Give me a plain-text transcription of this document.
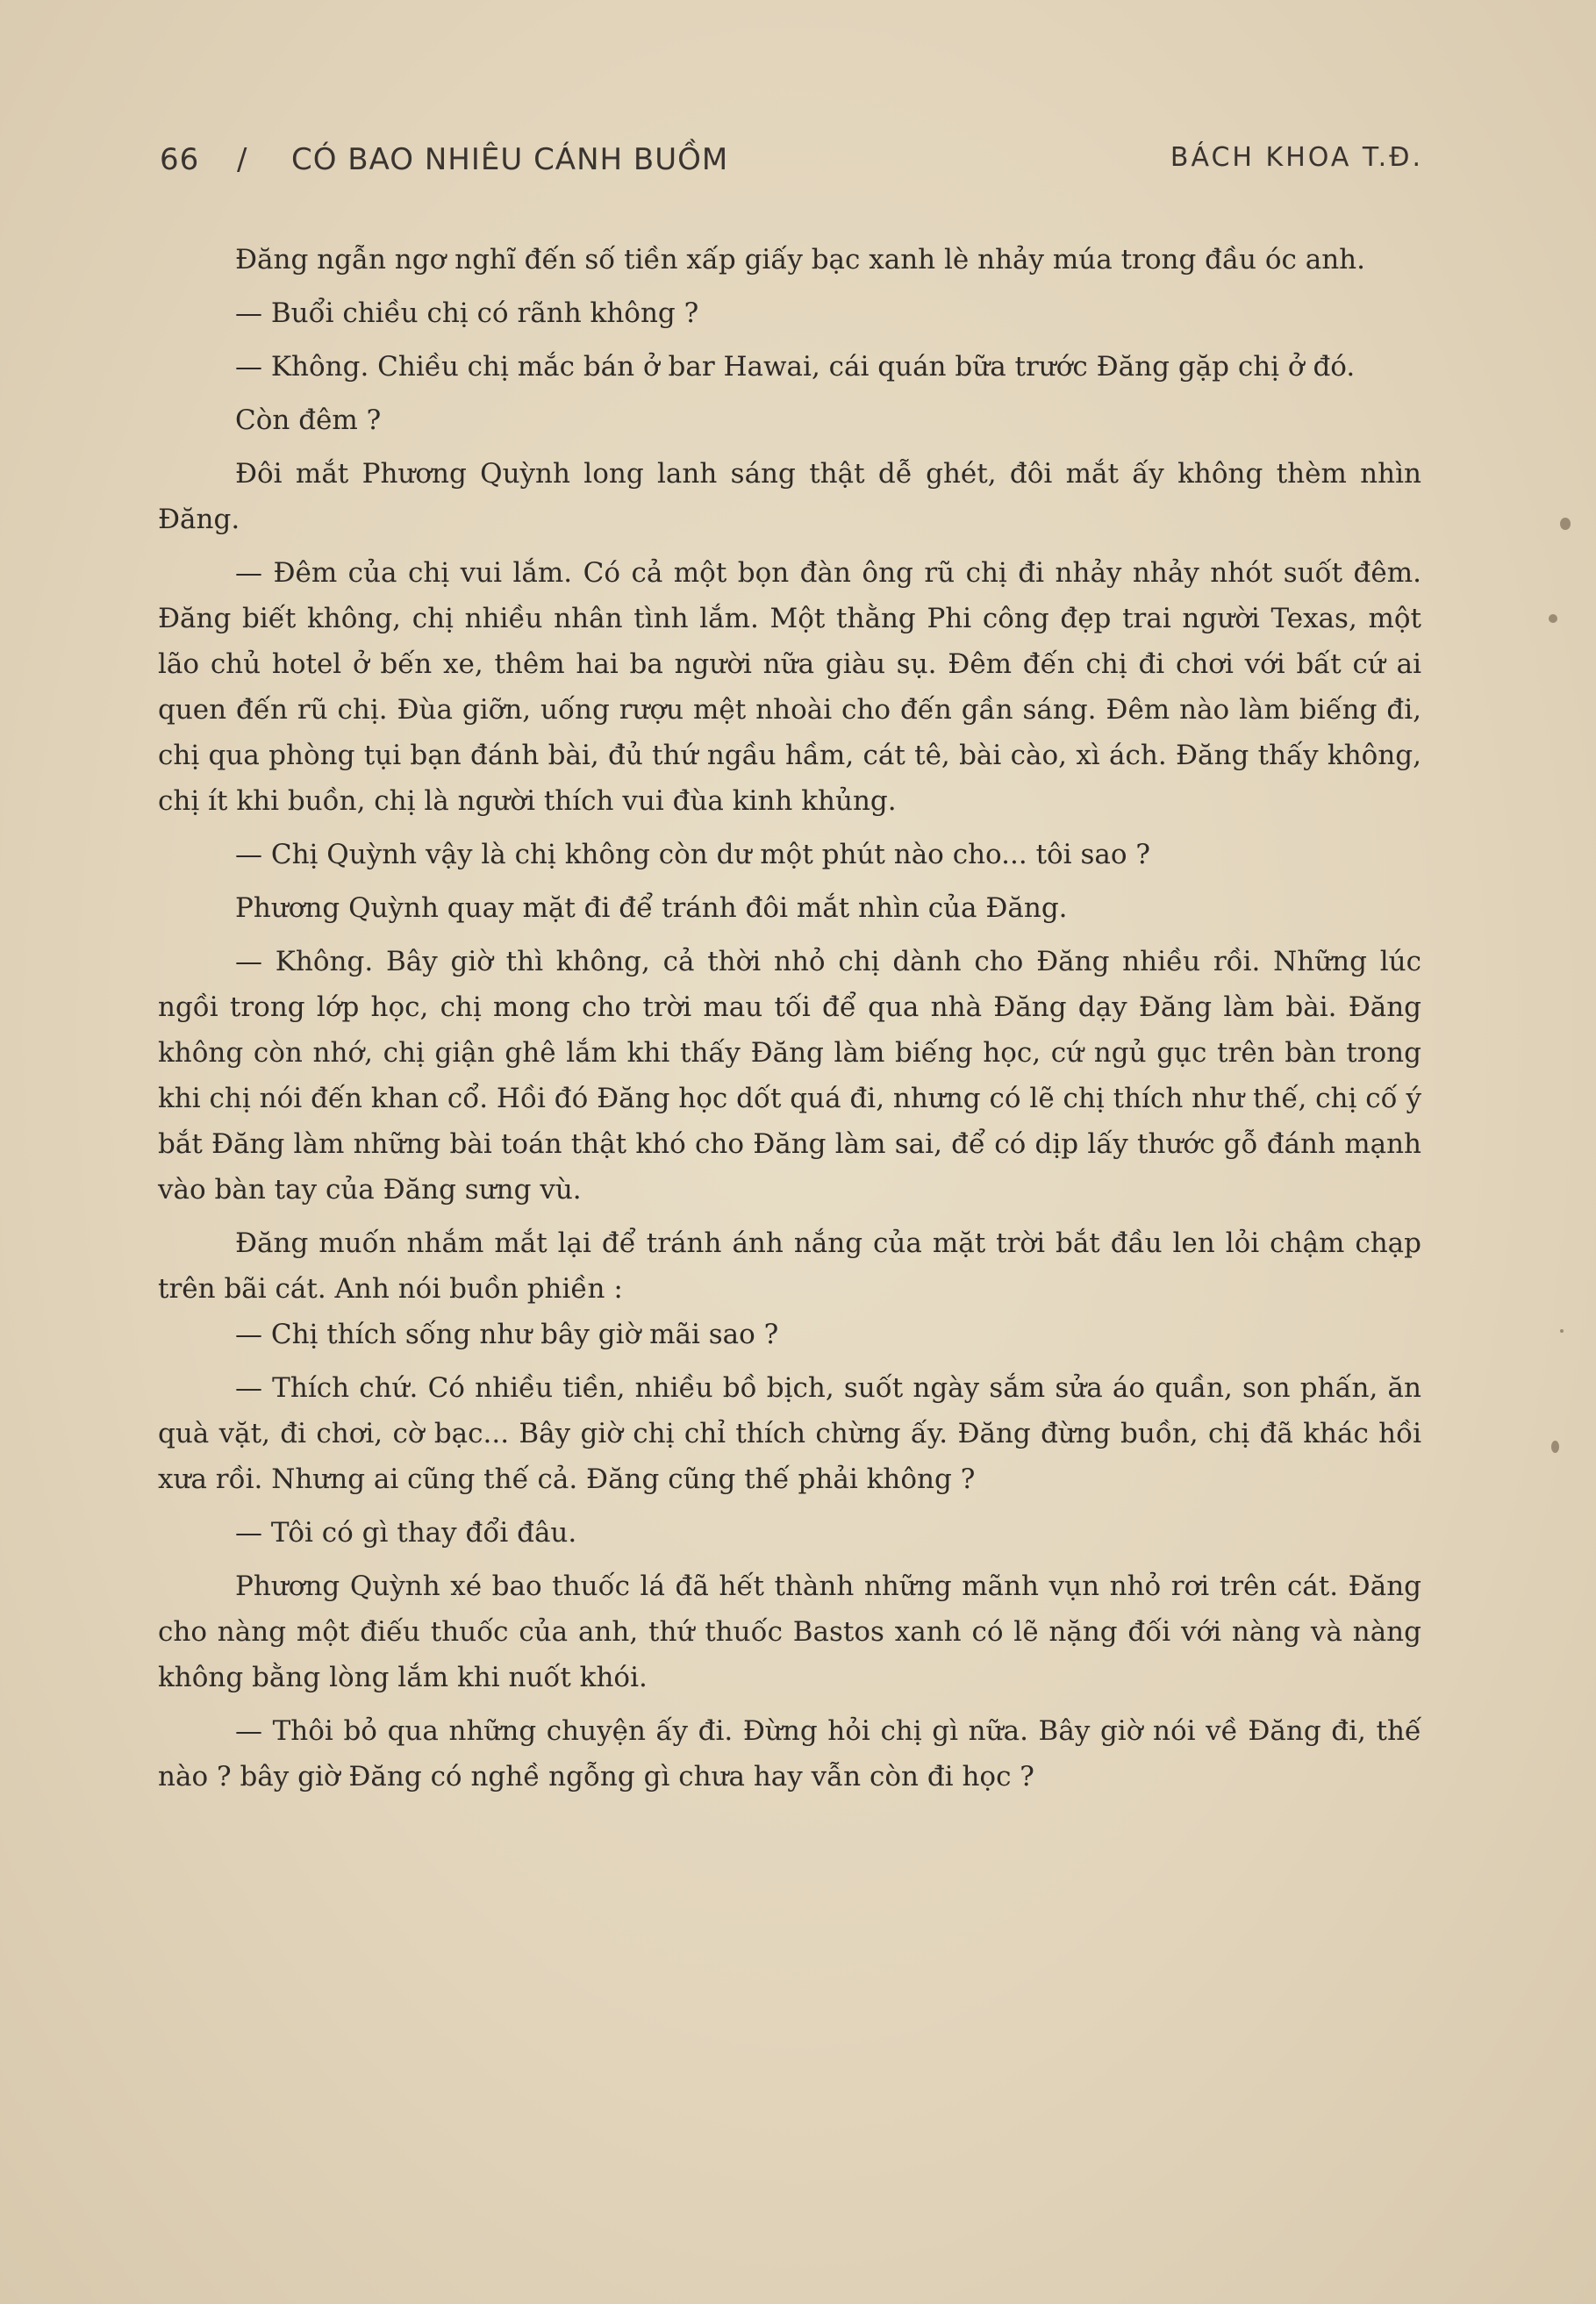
66 / CÓ BAO NHIÊU CÁNH BUỒM	BÁCH KHOA T.Đ.

Đăng ngẫn ngơ nghĩ đến số tiền xấp giấy bạc xanh lè nhảy múa trong đầu óc anh.

— Buổi chiều chị có rãnh không ?

— Không. Chiều chị mắc bán ở bar Hawai, cái quán bữa trước Đăng gặp chị ở đó.

Còn đêm ?

Đôi mắt Phương Quỳnh long lanh sáng thật dễ ghét, đôi mắt ấy không thèm nhìn Đăng.

— Đêm của chị vui lắm. Có cả một bọn đàn ông rũ chị đi nhảy nhảy nhót suốt đêm. Đăng biết không, chị nhiều nhân tình lắm. Một thằng Phi công đẹp trai người Texas, một lão chủ hotel ở bến xe, thêm hai ba người nữa giàu sụ. Đêm đến chị đi chơi với bất cứ ai quen đến rũ chị. Đùa giỡn, uống rượu mệt nhoài cho đến gần sáng. Đêm nào làm biếng đi, chị qua phòng tụi bạn đánh bài, đủ thứ ngầu hầm, cát tê, bài cào, xì ách. Đăng thấy không, chị ít khi buồn, chị là người thích vui đùa kinh khủng.

— Chị Quỳnh vậy là chị không còn dư một phút nào cho... tôi sao ?

Phương Quỳnh quay mặt đi để tránh đôi mắt nhìn của Đăng.

— Không. Bây giờ thì không, cả thời nhỏ chị dành cho Đăng nhiều rồi. Những lúc ngồi trong lớp học, chị mong cho trời mau tối để qua nhà Đăng dạy Đăng làm bài. Đăng không còn nhớ, chị giận ghê lắm khi thấy Đăng làm biếng học, cứ ngủ gục trên bàn trong khi chị nói đến khan cổ. Hồi đó Đăng học dốt quá đi, nhưng có lẽ chị thích như thế, chị cố ý bắt Đăng làm những bài toán thật khó cho Đăng làm sai, để có dịp lấy thước gỗ đánh mạnh vào bàn tay của Đăng sưng vù.

Đăng muốn nhắm mắt lại để tránh ánh nắng của mặt trời bắt đầu len lỏi chậm chạp trên bãi cát. Anh nói buồn phiền :

— Chị thích sống như bây giờ mãi sao ?

— Thích chứ. Có nhiều tiền, nhiều bồ bịch, suốt ngày sắm sửa áo quần, son phấn, ăn quà vặt, đi chơi, cờ bạc... Bây giờ chị chỉ thích chừng ấy. Đăng đừng buồn, chị đã khác hồi xưa rồi. Nhưng ai cũng thế cả. Đăng cũng thế phải không ?

— Tôi có gì thay đổi đâu.

Phương Quỳnh xé bao thuốc lá đã hết thành những mãnh vụn nhỏ rơi trên cát. Đăng cho nàng một điếu thuốc của anh, thứ thuốc Bastos xanh có lẽ nặng đối với nàng và nàng không bằng lòng lắm khi nuốt khói.

— Thôi bỏ qua những chuyện ấy đi. Đừng hỏi chị gì nữa. Bây giờ nói về Đăng đi, thế nào ? bây giờ Đăng có nghề ngỗng gì chưa hay vẫn còn đi học ?
